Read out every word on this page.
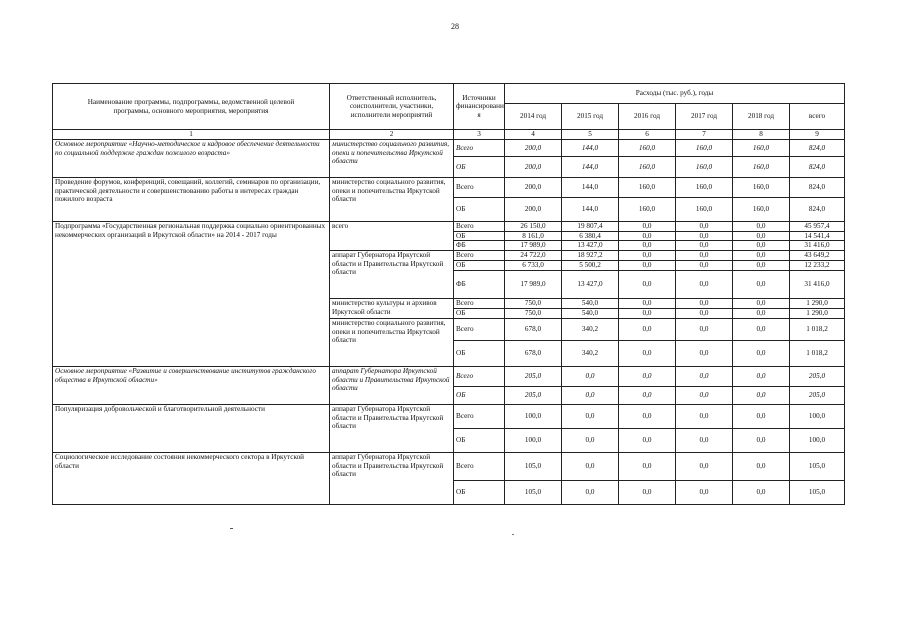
28
Наименование программы, подпрограммы, ведомственной целевой программы, основного мероприятия, мероприятия	Ответственный исполнитель, соисполнители, участники, исполнители мероприятий	Источники финансировани я	Расходы (тыс. руб.), годы					
			2014 год	2015 год	2016 год	2017 год	2018 год	всего
1	2	3	4	5	6	7	8	9
Основное мероприятие «Научно-методическое и кадровое обеспечение деятельности по социальной поддержке граждан пожилого возраста»	министерство социального развития, опеки и попечительства Иркутской области	Всего	200,0	144,0	160,0	160,0	160,0	824,0
		ОБ	200,0	144,0	160,0	160,0	160,0	824,0
Проведение форумов, конференций, совещаний, коллегий, семинаров по организации, практической деятельности и совершенствованию работы в интересах граждан пожилого возраста	министерство социального развития, опеки и попечительства Иркутской области	Всего	200,0	144,0	160,0	160,0	160,0	824,0
		ОБ	200,0	144,0	160,0	160,0	160,0	824,0
Подпрограмма «Государственная региональная поддержка социально ориентированных некоммерческих организаций в Иркутской области» на 2014 - 2017 годы	всего	Всего	26 150,0	19 807,4	0,0	0,0	0,0	45 957,4
		ОБ	8 161,0	6 380,4	0,0	0,0	0,0	14 541,4
		ФБ	17 989,0	13 427,0	0,0	0,0	0,0	31 416,0
	аппарат Губернатора Иркутской области и Правительства Иркутской области	Всего	24 722,0	18 927,2	0,0	0,0	0,0	43 649,2
		ОБ	6 733,0	5 500,2	0,0	0,0	0,0	12 233,2
		ФБ	17 989,0	13 427,0	0,0	0,0	0,0	31 416,0
	министерство культуры и архивов Иркутской области	Всего	750,0	540,0	0,0	0,0	0,0	1 290,0
		ОБ	750,0	540,0	0,0	0,0	0,0	1 290,0
	министерство социального развития, опеки и попечительства Иркутской области	Всего	678,0	340,2	0,0	0,0	0,0	1 018,2
		ОБ	678,0	340,2	0,0	0,0	0,0	1 018,2
Основное мероприятие «Развитие и совершенствование институтов гражданского общества в Иркутской области»	аппарат Губернатора Иркутской области и Правительства Иркутской области	Всего	205,0	0,0	0,0	0,0	0,0	205,0
		ОБ	205,0	0,0	0,0	0,0	0,0	205,0
Популяризация добровольческой и благотворительной деятельности	аппарат Губернатора Иркутской области и Правительства Иркутской области	Всего	100,0	0,0	0,0	0,0	0,0	100,0
		ОБ	100,0	0,0	0,0	0,0	0,0	100,0
Социологическое исследование состояния некоммерческого сектора в Иркутской области	аппарат Губернатора Иркутской области и Правительства Иркутской области	Всего	105,0	0,0	0,0	0,0	0,0	105,0
		ОБ	105,0	0,0	0,0	0,0	0,0	105,0
